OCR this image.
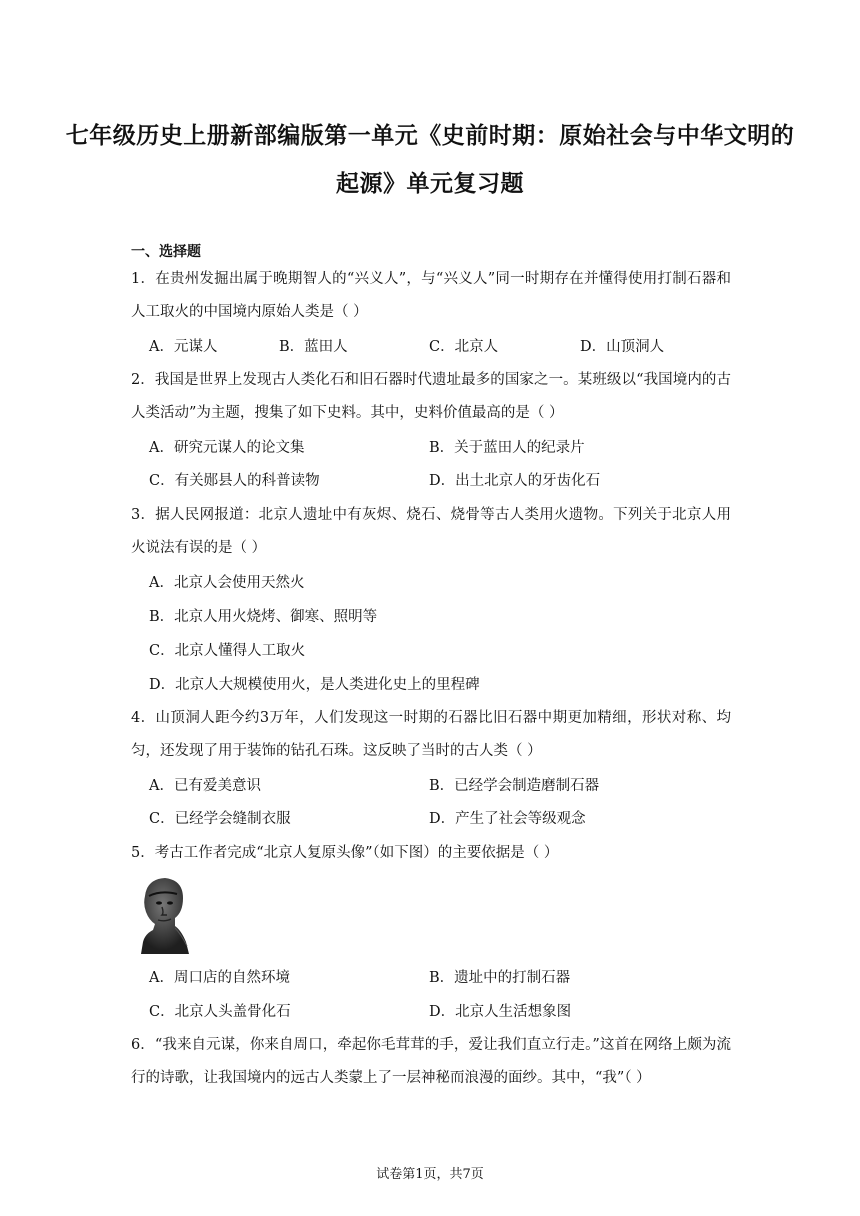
七年级历史上册新部编版第一单元《史前时期：原始社会与中华文明的起源》单元复习题
一、选择题
1．在贵州发掘出属于晚期智人的“兴义人”，与“兴义人”同一时期存在并懂得使用打制石器和人工取火的中国境内原始人类是（ ）
A．元谋人	B．蓝田人	C．北京人	D．山顶洞人
2．我国是世界上发现古人类化石和旧石器时代遗址最多的国家之一。某班级以“我国境内的古人类活动”为主题，搜集了如下史料。其中，史料价值最高的是（ ）
A．研究元谋人的论文集	B．关于蓝田人的纪录片
C．有关郧县人的科普读物	D．出土北京人的牙齿化石
3．据人民网报道：北京人遗址中有灰烬、烧石、烧骨等古人类用火遗物。下列关于北京人用火说法有误的是（ ）
A．北京人会使用天然火
B．北京人用火烧烤、御寒、照明等
C．北京人懂得人工取火
D．北京人大规模使用火，是人类进化史上的里程碑
4．山顶洞人距今约3万年，人们发现这一时期的石器比旧石器中期更加精细，形状对称、均匀，还发现了用于装饰的钻孔石珠。这反映了当时的古人类（ ）
A．已有爱美意识	B．已经学会制造磨制石器
C．已经学会缝制衣服	D．产生了社会等级观念
5．考古工作者完成“北京人复原头像”（如下图）的主要依据是（ ）
A．周口店的自然环境	B．遗址中的打制石器
C．北京人头盖骨化石	D．北京人生活想象图
6．“我来自元谋，你来自周口，牵起你毛茸茸的手，爱让我们直立行走。”这首在网络上颇为流行的诗歌，让我国境内的远古人类蒙上了一层神秘而浪漫的面纱。其中，“我”（ ）
试卷第1页，共7页
